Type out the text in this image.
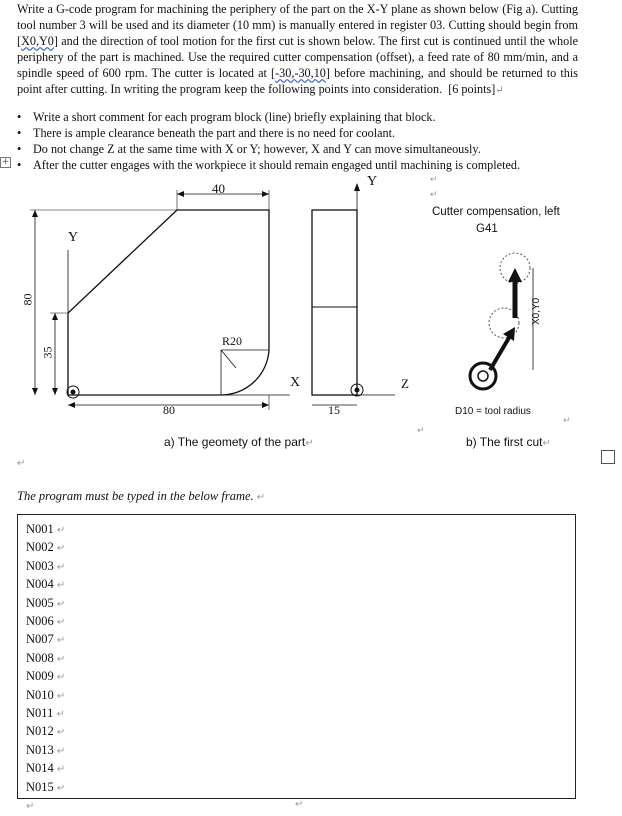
Write a G-code program for machining the periphery of the part on the X-Y plane as shown below (Fig a). Cutting tool number 3 will be used and its diameter (10 mm) is manually entered in register 03. Cutting should begin from [X0,Y0] and the direction of tool motion for the first cut is shown below. The first cut is continued until the whole periphery of the part is machined. Use the required cutter compensation (offset), a feed rate of 80 mm/min, and a spindle speed of 600 rpm. The cutter is located at [-30,-30,10] before machining, and should be returned to this point after cutting. In writing the program keep the following points into consideration. [6 points]↵
• Write a short comment for each program block (line) briefly explaining that block.
• There is ample clearance beneath the part and there is no need for coolant.
• Do not change Z at the same time with X or Y; however, X and Y can move simultaneously.
• After the cutter engages with the workpiece it should remain engaged until machining is completed.
+
↵
↵
↵
↵
40
80
35
Y
R20
X
80	15
Y
Z
Cutter compensation, left
G41
X0,Y0
D10 = tool radius
a) The geomety of the part↵	b) The first cut↵
↵
The program must be typed in the below frame. ↵
N001 ↵
N002 ↵
N003 ↵
N004 ↵
N005 ↵
N006 ↵
N007 ↵
N008 ↵
N009 ↵
N010 ↵
N011 ↵
N012 ↵
N013 ↵
N014 ↵
N015 ↵
↵	↵
